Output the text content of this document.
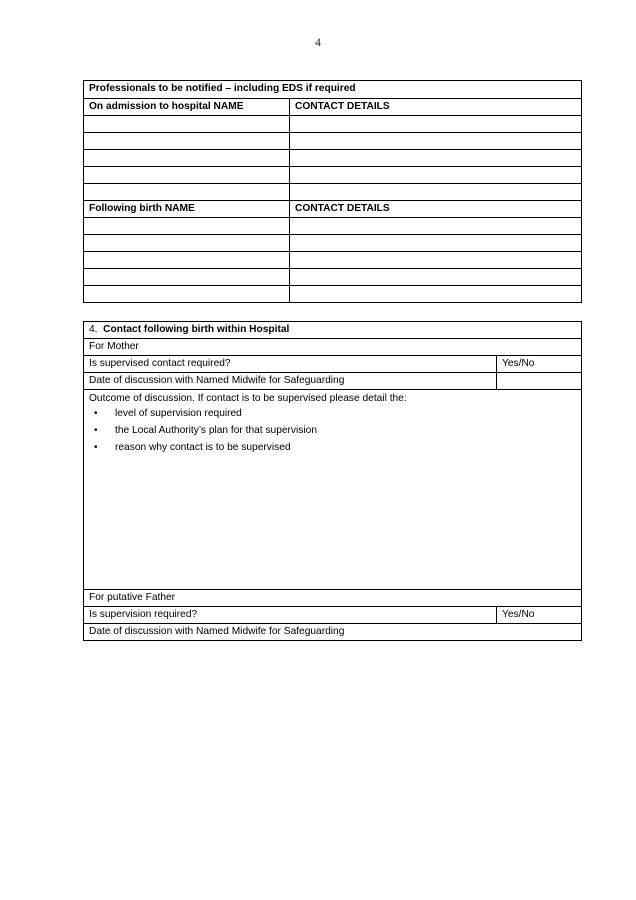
4
Professionals to be notified – including EDS if required	
On admission to hospital NAME	CONTACT DETAILS

Following birth NAME	CONTACT DETAILS

4. Contact following birth within Hospital	
For Mother	
Is supervised contact required?	Yes/No
Date of discussion with Named Midwife for Safeguarding	

Outcome of discussion. If contact is to be supervised please detail the:

• level of supervision required
• the Local Authority’s plan for that supervision
• reason why contact is to be supervised

For putative Father	
Is supervision required?	Yes/No
Date of discussion with Named Midwife for Safeguarding	
